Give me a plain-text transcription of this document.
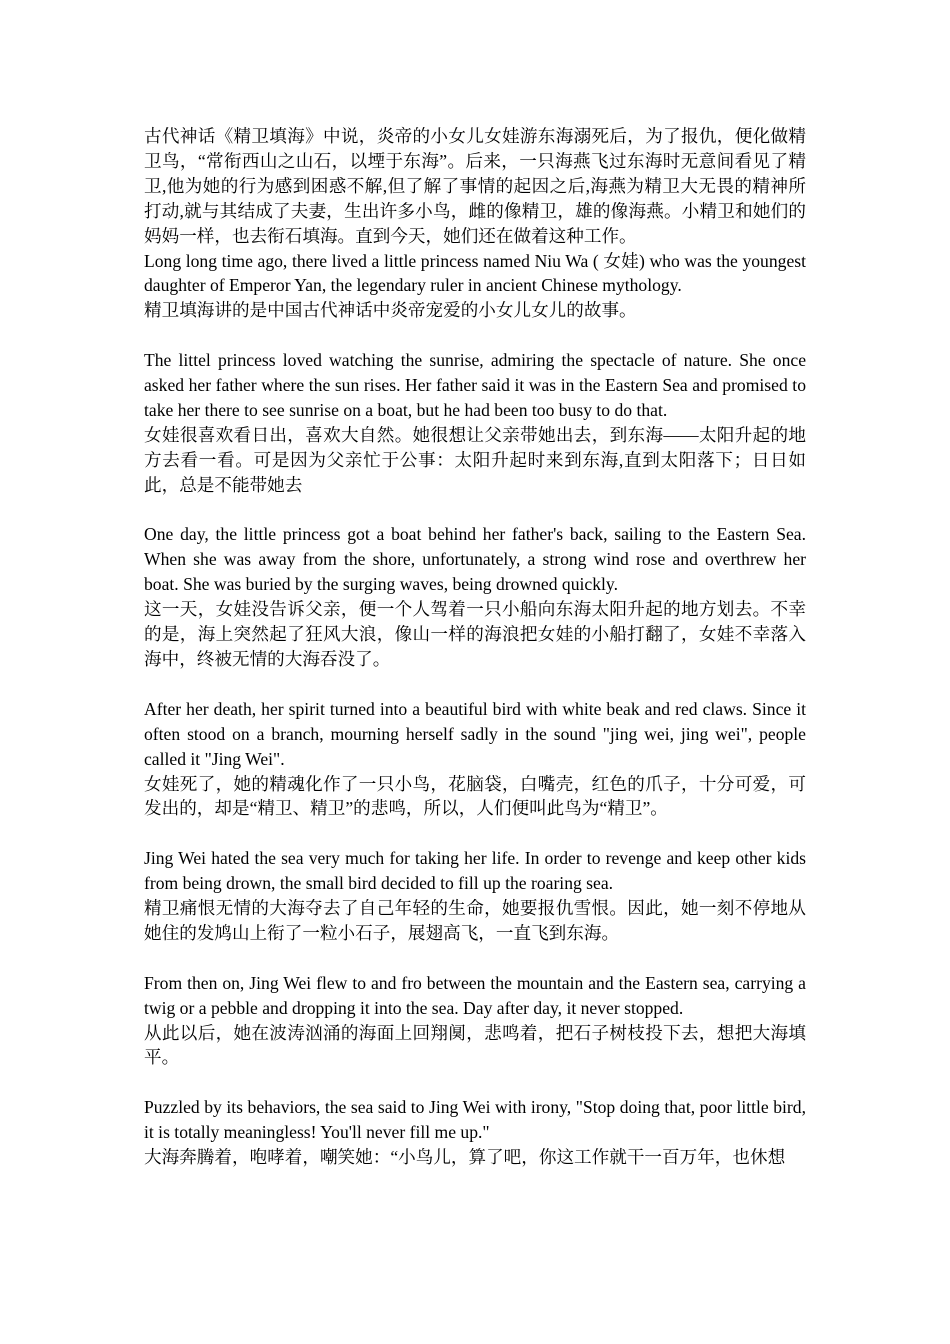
古代神话《精卫填海》中说，炎帝的小女儿女娃游东海溺死后，为了报仇，便化做精卫鸟，“常衔西山之山石，以堙于东海”。后来，一只海燕飞过东海时无意间看见了精卫,他为她的行为感到困惑不解,但了解了事情的起因之后,海燕为精卫大无畏的精神所打动,就与其结成了夫妻，生出许多小鸟，雌的像精卫，雄的像海燕。小精卫和她们的妈妈一样，也去衔石填海。直到今天，她们还在做着这种工作。
Long long time ago, there lived a little princess named Niu Wa ( 女娃) who was the youngest daughter of Emperor Yan, the legendary ruler in ancient Chinese mythology.
精卫填海讲的是中国古代神话中炎帝宠爱的小女儿女儿的故事。
The littel princess loved watching the sunrise, admiring the spectacle of nature. She once asked her father where the sun rises. Her father said it was in the Eastern Sea and promised to take her there to see sunrise on a boat, but he had been too busy to do that.
女娃很喜欢看日出，喜欢大自然。她很想让父亲带她出去，到东海——太阳升起的地方去看一看。可是因为父亲忙于公事：太阳升起时来到东海,直到太阳落下；日日如此，总是不能带她去
One day, the little princess got a boat behind her father's back, sailing to the Eastern Sea. When she was away from the shore, unfortunately, a strong wind rose and overthrew her boat. She was buried by the surging waves, being drowned quickly.
这一天，女娃没告诉父亲，便一个人驾着一只小船向东海太阳升起的地方划去。不幸的是，海上突然起了狂风大浪，像山一样的海浪把女娃的小船打翻了，女娃不幸落入海中，终被无情的大海吞没了。
After her death, her spirit turned into a beautiful bird with white beak and red claws. Since it often stood on a branch, mourning herself sadly in the sound "jing wei, jing wei", people called it "Jing Wei".
女娃死了，她的精魂化作了一只小鸟，花脑袋，白嘴壳，红色的爪子，十分可爱，可发出的，却是“精卫、精卫”的悲鸣，所以，人们便叫此鸟为“精卫”。
Jing Wei hated the sea very much for taking her life. In order to revenge and keep other kids from being drown, the small bird decided to fill up the roaring sea.
精卫痛恨无情的大海夺去了自己年轻的生命，她要报仇雪恨。因此，她一刻不停地从她住的发鸠山上衔了一粒小石子，展翅高飞，一直飞到东海。
From then on, Jing Wei flew to and fro between the mountain and the Eastern sea, carrying a twig or a pebble and dropping it into the sea. Day after day, it never stopped.
从此以后，她在波涛汹涌的海面上回翔阒，悲鸣着，把石子树枝投下去，想把大海填平。
Puzzled by its behaviors, the sea said to Jing Wei with irony, "Stop doing that, poor little bird, it is totally meaningless! You'll never fill me up."
大海奔腾着，咆哮着，嘲笑她：“小鸟儿，算了吧，你这工作就干一百万年，也休想
